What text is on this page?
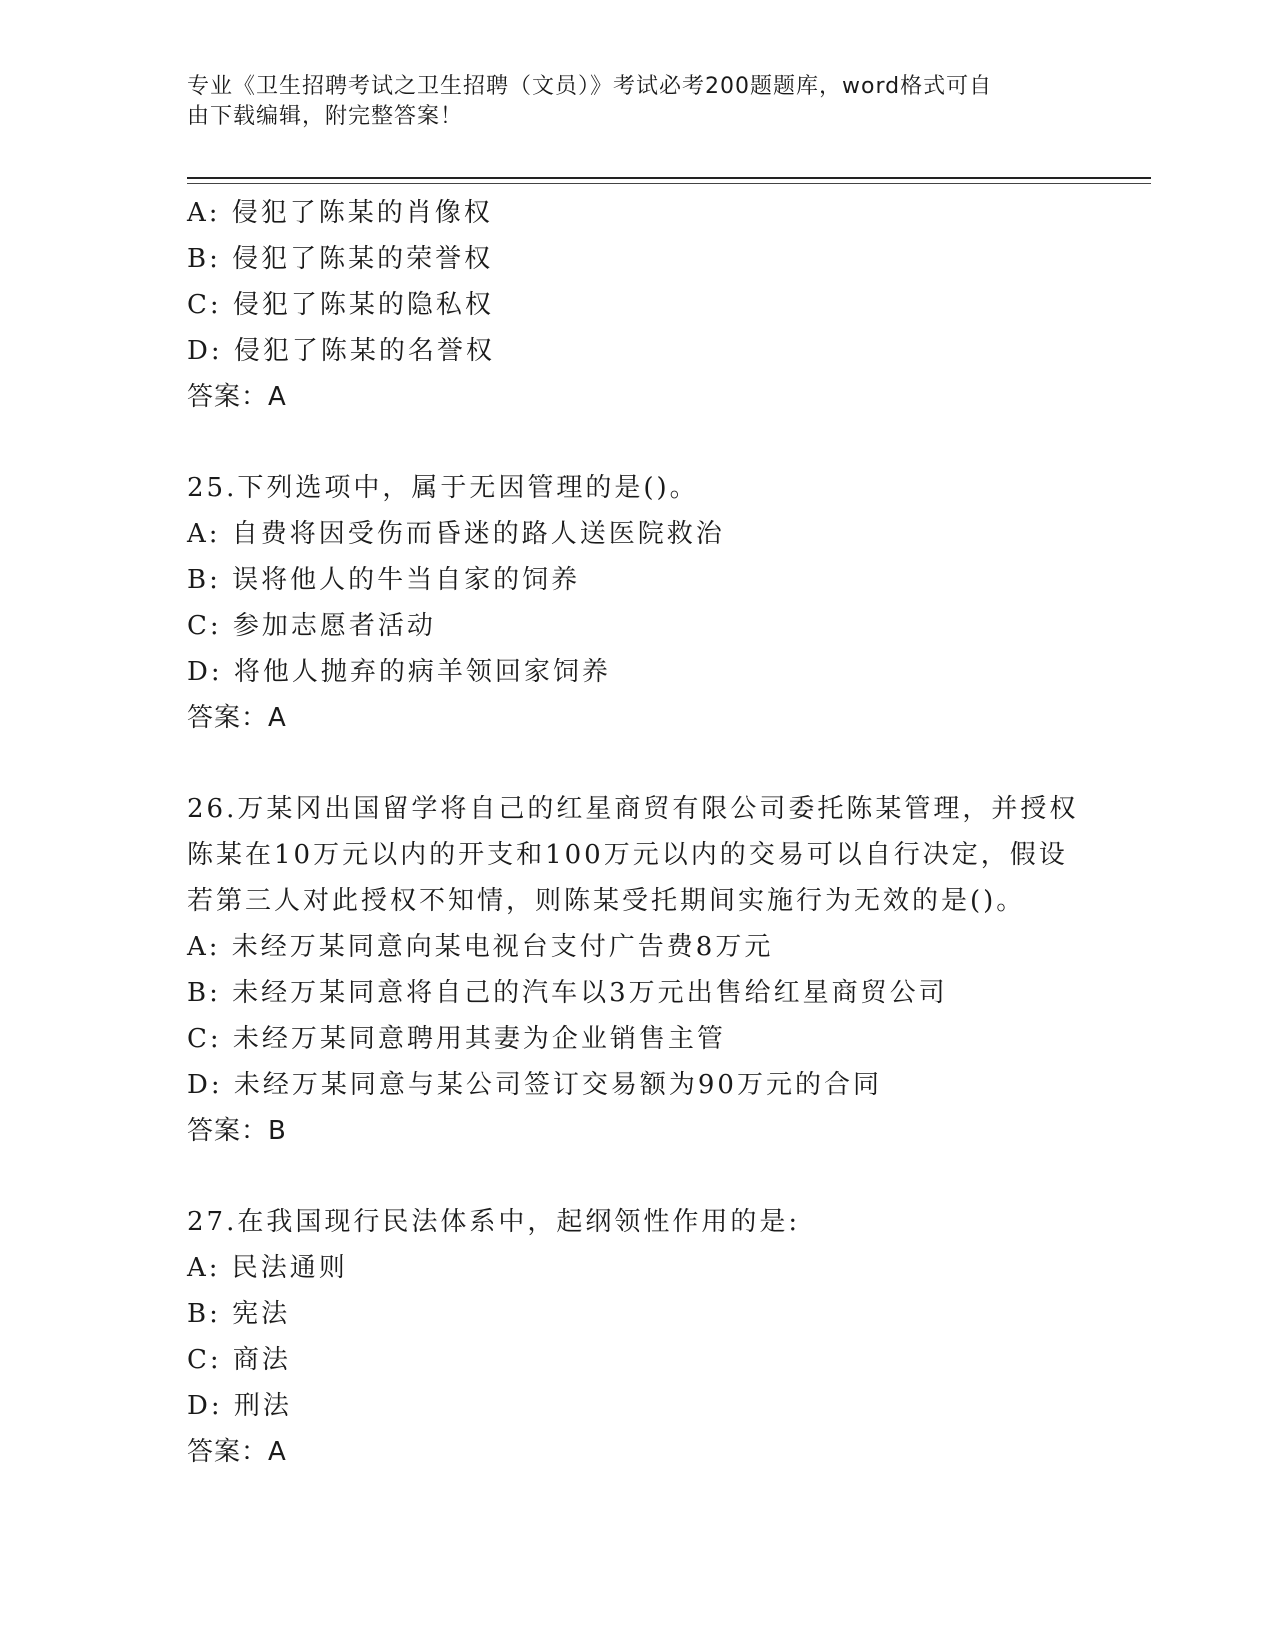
专业《卫生招聘考试之卫生招聘（文员）》考试必考200题题库，word格式可自
由下载编辑，附完整答案！
A: 侵犯了陈某的肖像权
B: 侵犯了陈某的荣誉权
C: 侵犯了陈某的隐私权
D: 侵犯了陈某的名誉权
答案：A
25.下列选项中，属于无因管理的是()。
A: 自费将因受伤而昏迷的路人送医院救治
B: 误将他人的牛当自家的饲养
C: 参加志愿者活动
D: 将他人抛弃的病羊领回家饲养
答案：A
26.万某冈出国留学将自己的红星商贸有限公司委托陈某管理，并授权
陈某在10万元以内的开支和100万元以内的交易可以自行决定，假设
若第三人对此授权不知情，则陈某受托期间实施行为无效的是()。
A: 未经万某同意向某电视台支付广告费8万元
B: 未经万某同意将自己的汽车以3万元出售给红星商贸公司
C: 未经万某同意聘用其妻为企业销售主管
D: 未经万某同意与某公司签订交易额为90万元的合同
答案：B
27.在我国现行民法体系中，起纲领性作用的是:
A: 民法通则
B: 宪法
C: 商法
D: 刑法
答案：A
